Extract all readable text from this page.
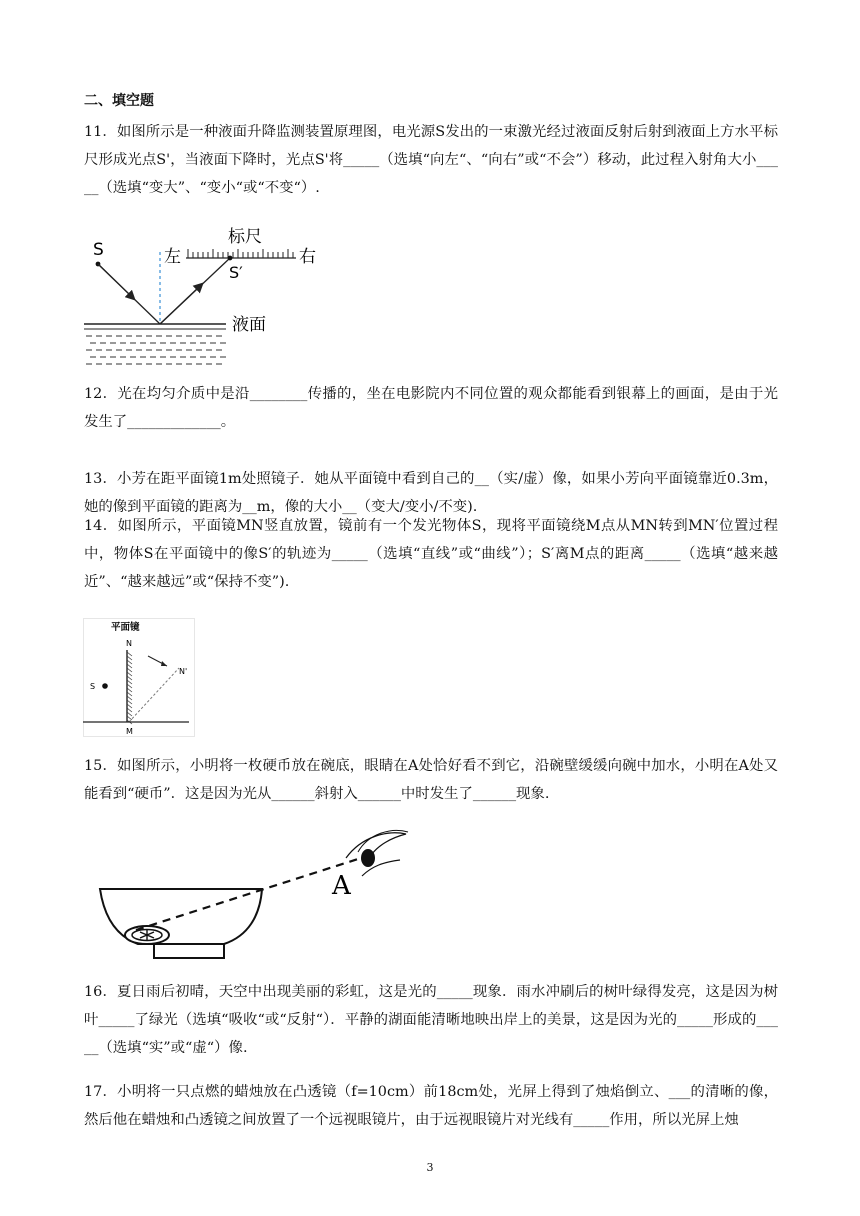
二、填空题
11．如图所示是一种液面升降监测装置原理图，电光源S发出的一束激光经过液面反射后射到液面上方水平标尺形成光点S'，当液面下降时，光点S'将_____（选填“向左“、“向右”或“不会”）移动，此过程入射角大小_____（选填“变大”、“变小“或“不变“）.
标尺
左	右
S
S′
液面
12．光在均匀介质中是沿________传播的，坐在电影院内不同位置的观众都能看到银幕上的画面，是由于光发生了_____________。
13．小芳在距平面镜1m处照镜子．她从平面镜中看到自己的__（实/虚）像，如果小芳向平面镜靠近0.3m，她的像到平面镜的距离为__m，像的大小__（变大/变小/不变).
14．如图所示，平面镜MN竖直放置，镜前有一个发光物体S，现将平面镜绕M点从MN转到MN′位置过程中，物体S在平面镜中的像S′的轨迹为_____（选填“直线”或“曲线”）；S′离M点的距离_____（选填“越来越近”、“越来越远”或“保持不变”).
平面镜
N
N'
S
M
15．如图所示，小明将一枚硬币放在碗底，眼睛在A处恰好看不到它，沿碗壁缓缓向碗中加水，小明在A处又能看到“硬币”．这是因为光从______斜射入______中时发生了______现象.
A
16．夏日雨后初晴，天空中出现美丽的彩虹，这是光的_____现象．雨水冲刷后的树叶绿得发亮，这是因为树叶_____了绿光（选填“吸收“或“反射“）．平静的湖面能清晰地映出岸上的美景，这是因为光的_____形成的_____（选填“实”或“虚“）像.
17．小明将一只点燃的蜡烛放在凸透镜（f=10cm）前18cm处，光屏上得到了烛焰倒立、___的清晰的像，然后他在蜡烛和凸透镜之间放置了一个远视眼镜片，由于远视眼镜片对光线有_____作用，所以光屏上烛
3
